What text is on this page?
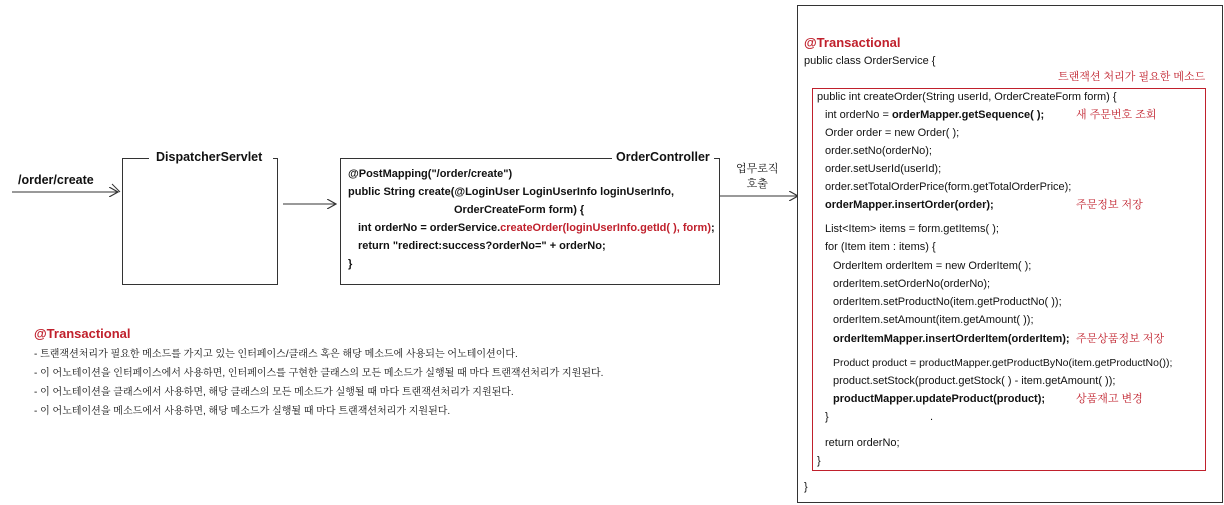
/order/create
DispatcherServlet	OrderController
@PostMapping("/order/create")
public String create(@LoginUser LoginUserInfo loginUserInfo,
OrderCreateForm form) {
int orderNo = orderService.createOrder(loginUserInfo.getId( ), form);
return "redirect:success?orderNo=" + orderNo;
}
업무로직
호출
@Transactional
- 트랜잭션처리가 필요한 메소드를 가지고 있는 인터페이스/클래스 혹은 해당 메소드에 사용되는 어노테이션이다.
- 이 어노테이션을 인터페이스에서 사용하면, 인터페이스를 구현한 클래스의 모든 메소드가 실행될 때 마다 트랜잭션처리가 지원된다.
- 이 어노테이션을 클래스에서 사용하면, 해당 클래스의 모든 메소드가 실행될 때 마다 트랜잭션처리가 지원된다.
- 이 어노테이션을 메소드에서 사용하면, 해당 메소드가 실행될 때 마다 트랜잭션처리가 지원된다.
@Transactional
public class OrderService {
트랜잭션 처리가 필요한 메소드
public int createOrder(String userId, OrderCreateForm form) {
int orderNo = orderMapper.getSequence( );	새 주문번호 조회
Order order = new Order( );
order.setNo(orderNo);
order.setUserId(userId);
order.setTotalOrderPrice(form.getTotalOrderPrice);
orderMapper.insertOrder(order);	주문정보 저장
List<Item> items = form.getItems( );
for (Item item : items) {
OrderItem orderItem = new OrderItem( );
orderItem.setOrderNo(orderNo);
orderItem.setProductNo(item.getProductNo( ));
orderItem.setAmount(item.getAmount( ));
orderItemMapper.insertOrderItem(orderItem); 주문상품정보 저장
Product product = productMapper.getProductByNo(item.getProductNo());
product.setStock(product.getStock( ) - item.getAmount( ));
productMapper.updateProduct(product);	상품재고 변경
}	.
return orderNo;
}
}
